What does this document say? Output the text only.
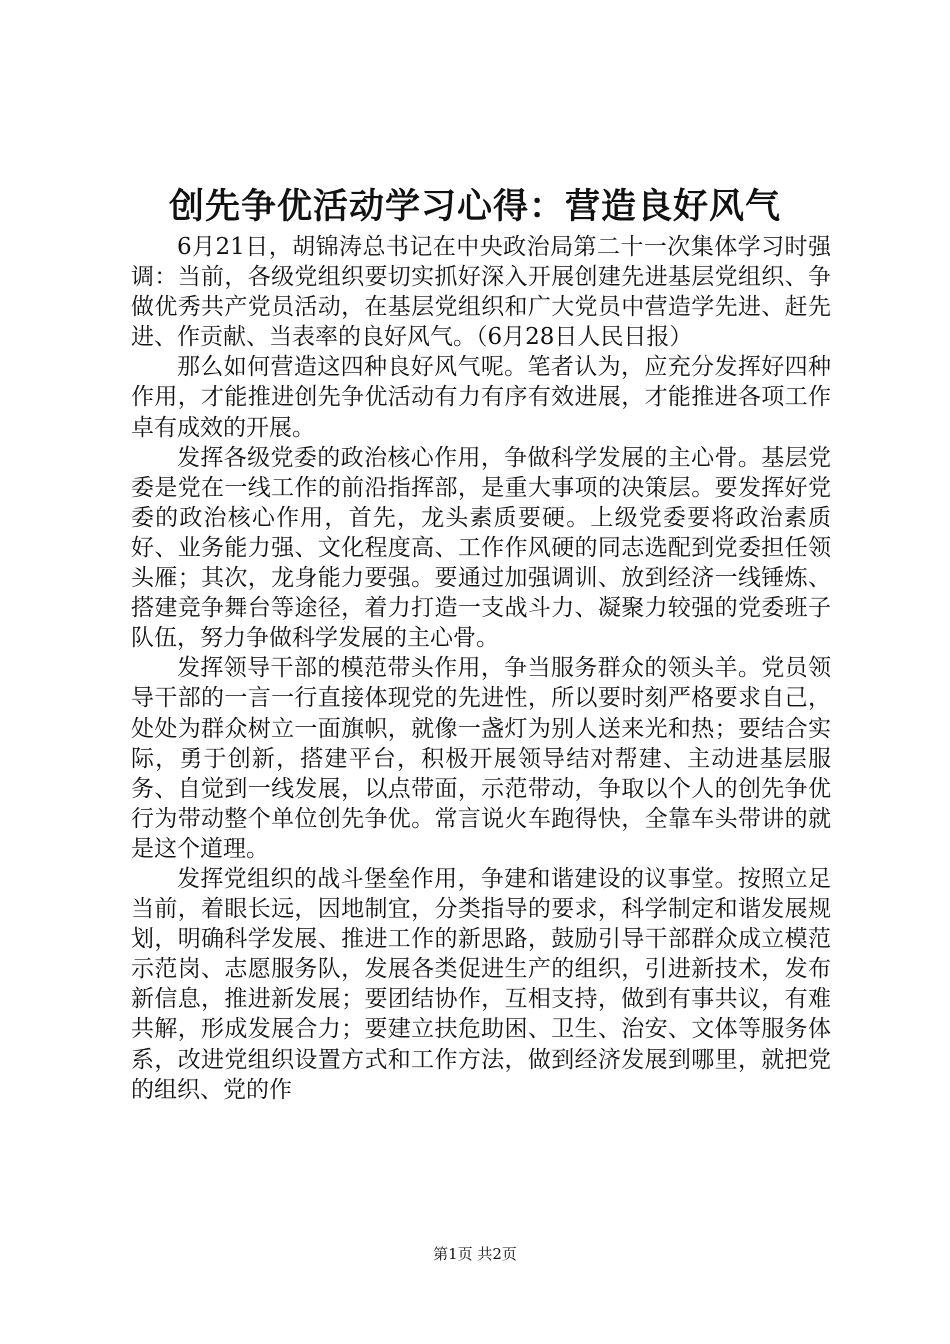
创先争优活动学习心得：营造良好风气

6月21日，胡锦涛总书记在中央政治局第二十一次集体学习时强调：当前，各级党组织要切实抓好深入开展创建先进基层党组织、争做优秀共产党员活动，在基层党组织和广大党员中营造学先进、赶先进、作贡献、当表率的良好风气。（6月28日人民日报）

那么如何营造这四种良好风气呢。笔者认为，应充分发挥好四种作用，才能推进创先争优活动有力有序有效进展，才能推进各项工作卓有成效的开展。

发挥各级党委的政治核心作用，争做科学发展的主心骨。基层党委是党在一线工作的前沿指挥部，是重大事项的决策层。要发挥好党委的政治核心作用，首先，龙头素质要硬。上级党委要将政治素质好、业务能力强、文化程度高、工作作风硬的同志选配到党委担任领头雁；其次，龙身能力要强。要通过加强调训、放到经济一线锤炼、搭建竞争舞台等途径，着力打造一支战斗力、凝聚力较强的党委班子队伍，努力争做科学发展的主心骨。

发挥领导干部的模范带头作用，争当服务群众的领头羊。党员领导干部的一言一行直接体现党的先进性，所以要时刻严格要求自己，处处为群众树立一面旗帜，就像一盏灯为别人送来光和热；要结合实际，勇于创新，搭建平台，积极开展领导结对帮建、主动进基层服务、自觉到一线发展，以点带面，示范带动，争取以个人的创先争优行为带动整个单位创先争优。常言说火车跑得快，全靠车头带讲的就是这个道理。

发挥党组织的战斗堡垒作用，争建和谐建设的议事堂。按照立足当前，着眼长远，因地制宜，分类指导的要求，科学制定和谐发展规划，明确科学发展、推进工作的新思路，鼓励引导干部群众成立模范示范岗、志愿服务队，发展各类促进生产的组织，引进新技术，发布新信息，推进新发展；要团结协作，互相支持，做到有事共议，有难共解，形成发展合力；要建立扶危助困、卫生、治安、文体等服务体系，改进党组织设置方式和工作方法，做到经济发展到哪里，就把党的组织、党的作

第1页 共2页
